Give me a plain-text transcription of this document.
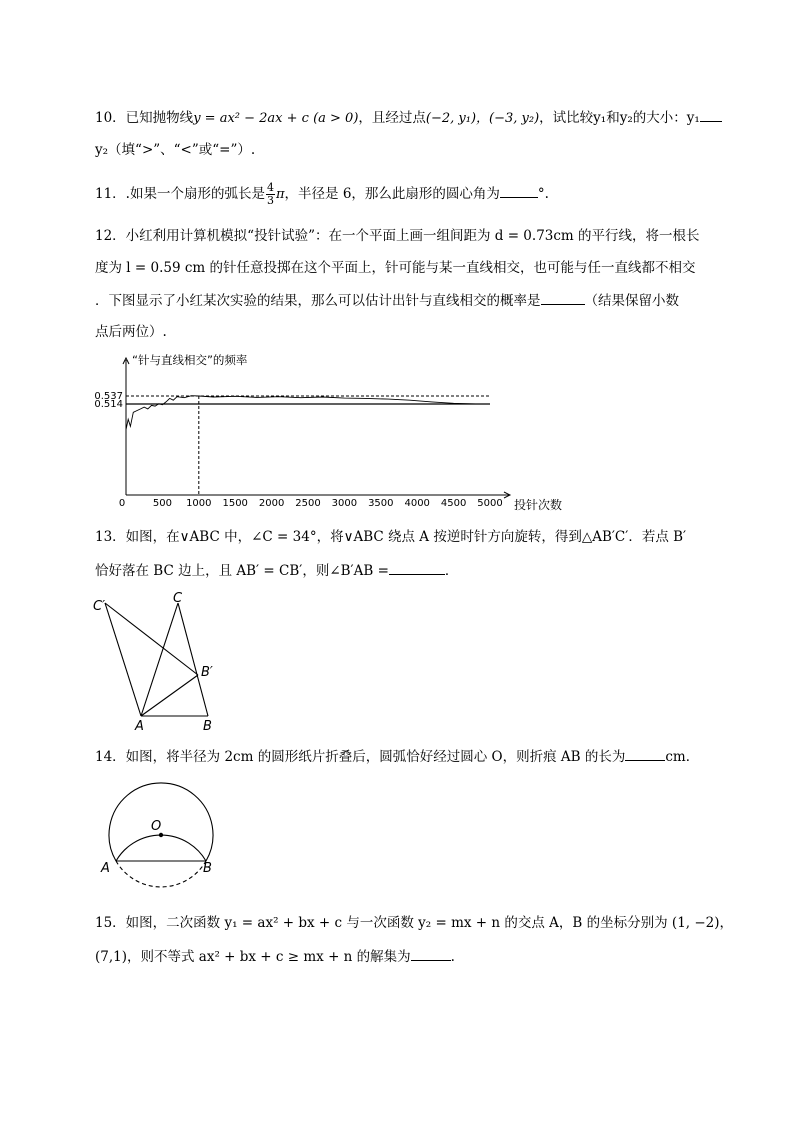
10．已知抛物线y = ax² − 2ax + c (a > 0)，且经过点(−2, y₁)，(−3, y₂)，试比较y₁和y₂的大小：y₁
y₂（填“>”、“<”或“=”）.
11．.如果一个扇形的弧长是 $\frac{4}{3}$ π，半径是 6，那么此扇形的圆心角为	°.
12．小红利用计算机模拟“投针试验”：在一个平面上画一组间距为 d = 0.73cm 的平行线，将一根长
度为 l = 0.59 cm 的针任意投掷在这个平面上，针可能与某一直线相交，也可能与任一直线都不相交
．下图显示了小红某次实验的结果，那么可以估计出针与直线相交的概率是	（结果保留小数
点后两位）.
“针与直线相交”的频率
投针次数
0	500 1000 1500 2000 2500 3000 3500 4000 4500 5000
0.537
0.514
13．如图，在∨ABC 中，∠C = 34°，将∨ABC 绕点 A 按逆时针方向旋转，得到△AB′C′．若点 B′
恰好落在 BC 边上，且 AB′ = CB′，则∠B′AB =	．
C′
C
B′
A	B
14．如图，将半径为 2cm 的圆形纸片折叠后，圆弧恰好经过圆心 O，则折痕 AB 的长为	cm．
O
A	B
15．如图，二次函数 y₁ = ax² + bx + c 与一次函数 y₂ = mx + n 的交点 A，B 的坐标分别为 (1, −2)，
(7,1)，则不等式 ax² + bx + c ≥ mx + n 的解集为	.
